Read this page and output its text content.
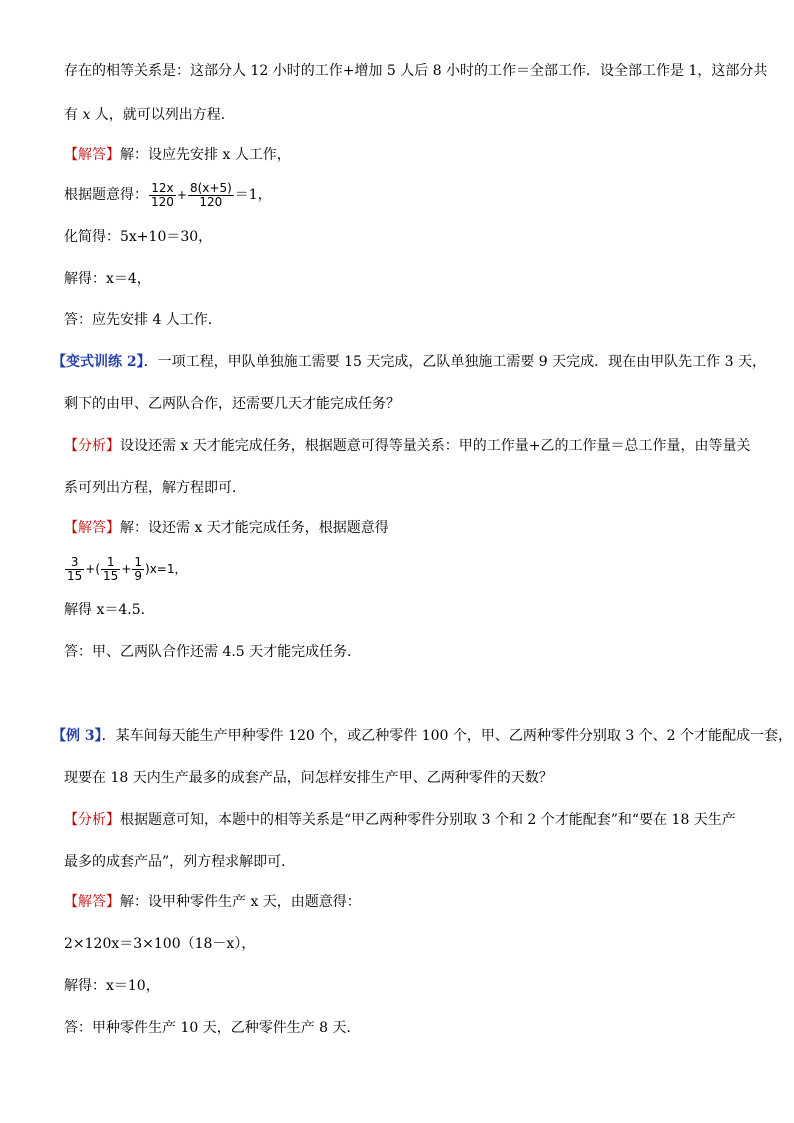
存在的相等关系是：这部分人 12 小时的工作+增加 5 人后 8 小时的工作＝全部工作．设全部工作是 1，这部分共
有 x 人，就可以列出方程．
【解答】解：设应先安排 x 人工作，
根据题意得： $\frac{12x}{120} + \frac{8(x+5)}{120} =1$，
化简得：5x+10＝30，
解得：x＝4，
答：应先安排 4 人工作．
【变式训练 2】．一项工程，甲队单独施工需要 15 天完成，乙队单独施工需要 9 天完成．现在由甲队先工作 3 天，
剩下的由甲、乙两队合作，还需要几天才能完成任务？
【分析】设设还需 x 天才能完成任务，根据题意可得等量关系：甲的工作量+乙的工作量＝总工作量，由等量关
系可列出方程，解方程即可．
【解答】解：设还需 x 天才能完成任务，根据题意得
$\frac{3}{15}$ +( $\frac{1}{15} + \frac{1}{9} )x=1$，
解得 x＝4.5．
答：甲、乙两队合作还需 4.5 天才能完成任务．
【例 3】．某车间每天能生产甲种零件 120 个，或乙种零件 100 个，甲、乙两种零件分别取 3 个、2 个才能配成一套，
现要在 18 天内生产最多的成套产品，问怎样安排生产甲、乙两种零件的天数？
【分析】根据题意可知，本题中的相等关系是“甲乙两种零件分别取 3 个和 2 个才能配套”和“要在 18 天生产
最多的成套产品”，列方程求解即可．
【解答】解：设甲种零件生产 x 天，由题意得：
2×120x＝3×100（18－x），
解得：x＝10，
答：甲种零件生产 10 天，乙种零件生产 8 天．
